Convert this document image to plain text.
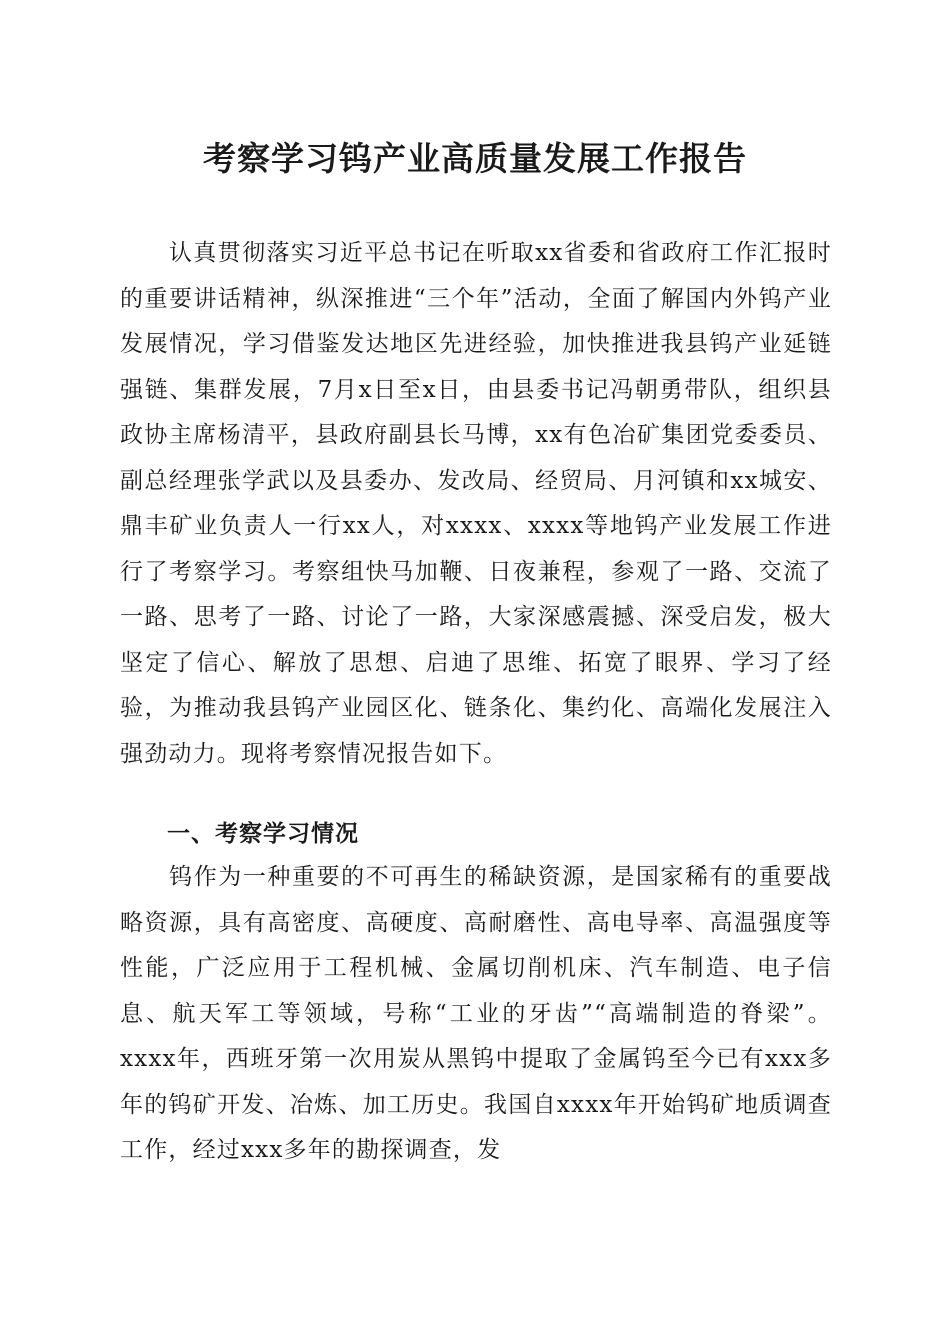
考察学习钨产业高质量发展工作报告

　　认真贯彻落实习近平总书记在听取xx省委和省政府工作汇报时的重要讲话精神，纵深推进“三个年”活动，全面了解国内外钨产业发展情况，学习借鉴发达地区先进经验，加快推进我县钨产业延链强链、集群发展，7月x日至x日，由县委书记冯朝勇带队，组织县政协主席杨清平，县政府副县长马博，xx有色冶矿集团党委委员、副总经理张学武以及县委办、发改局、经贸局、月河镇和xx城安、鼎丰矿业负责人一行xx人，对xxxx、xxxx等地钨产业发展工作进行了考察学习。考察组快马加鞭、日夜兼程，参观了一路、交流了一路、思考了一路、讨论了一路，大家深感震撼、深受启发，极大坚定了信心、解放了思想、启迪了思维、拓宽了眼界、学习了经验，为推动我县钨产业园区化、链条化、集约化、高端化发展注入强劲动力。现将考察情况报告如下。

一、考察学习情况

　　钨作为一种重要的不可再生的稀缺资源，是国家稀有的重要战略资源，具有高密度、高硬度、高耐磨性、高电导率、高温强度等性能，广泛应用于工程机械、金属切削机床、汽车制造、电子信息、航天军工等领域，号称“工业的牙齿”“高端制造的脊梁”。xxxx年，西班牙第一次用炭从黑钨中提取了金属钨至今已有xxx多年的钨矿开发、冶炼、加工历史。我国自xxxx年开始钨矿地质调查工作，经过xxx多年的勘探调查，发
